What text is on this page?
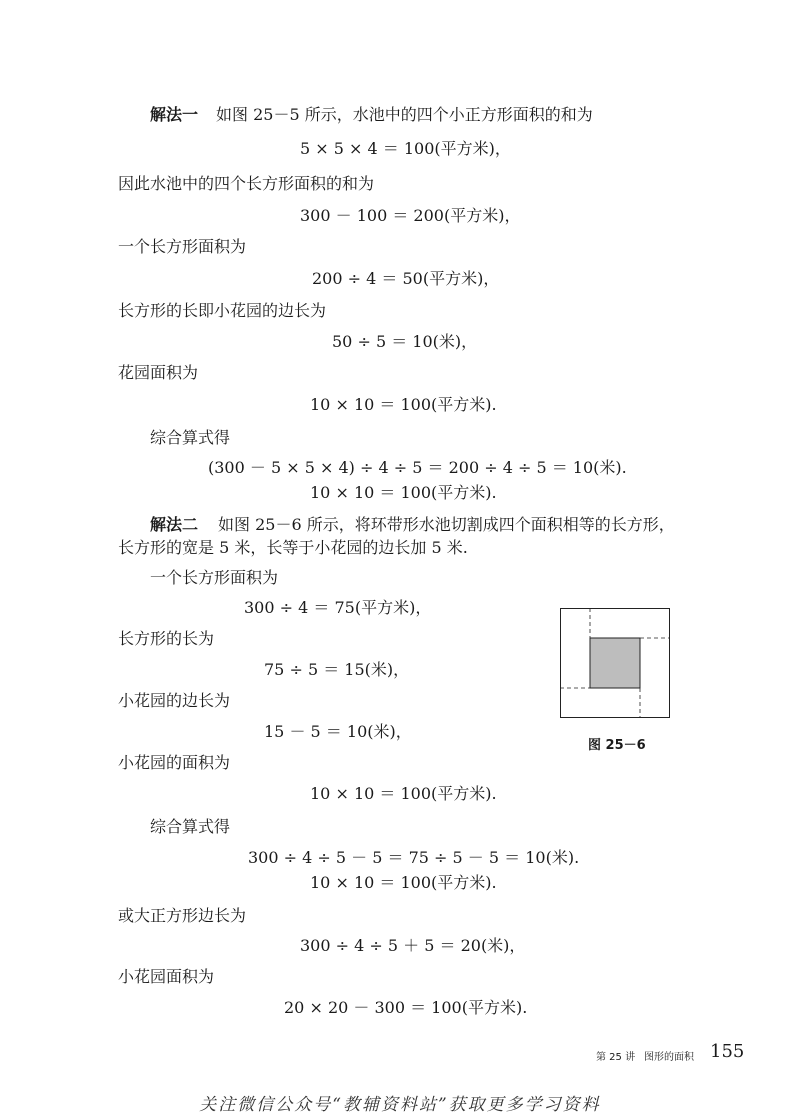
解法一 如图 25－5 所示，水池中的四个小正方形面积的和为
5 × 5 × 4 ＝ 100(平方米)，
因此水池中的四个长方形面积的和为
300 － 100 ＝ 200(平方米)，
一个长方形面积为
200 ÷ 4 ＝ 50(平方米)，
长方形的长即小花园的边长为
50 ÷ 5 ＝ 10(米)，
花园面积为
10 × 10 ＝ 100(平方米).
综合算式得
(300 － 5 × 5 × 4) ÷ 4 ÷ 5 ＝ 200 ÷ 4 ÷ 5 ＝ 10(米).
10 × 10 ＝ 100(平方米).
解法二 如图 25－6 所示，将环带形水池切割成四个面积相等的长方形，
长方形的宽是 5 米，长等于小花园的边长加 5 米.
一个长方形面积为
300 ÷ 4 ＝ 75(平方米)，
长方形的长为
75 ÷ 5 ＝ 15(米)，
小花园的边长为
15 － 5 ＝ 10(米)，
小花园的面积为
10 × 10 ＝ 100(平方米).
综合算式得
300 ÷ 4 ÷ 5 － 5 ＝ 75 ÷ 5 － 5 ＝ 10(米).
10 × 10 ＝ 100(平方米).
或大正方形边长为
300 ÷ 4 ÷ 5 ＋ 5 ＝ 20(米)，
小花园面积为
20 × 20 － 300 ＝ 100(平方米).
图 25－6
第 25 讲 图形的面积 155
关注微信公众号“教辅资料站”获取更多学习资料
